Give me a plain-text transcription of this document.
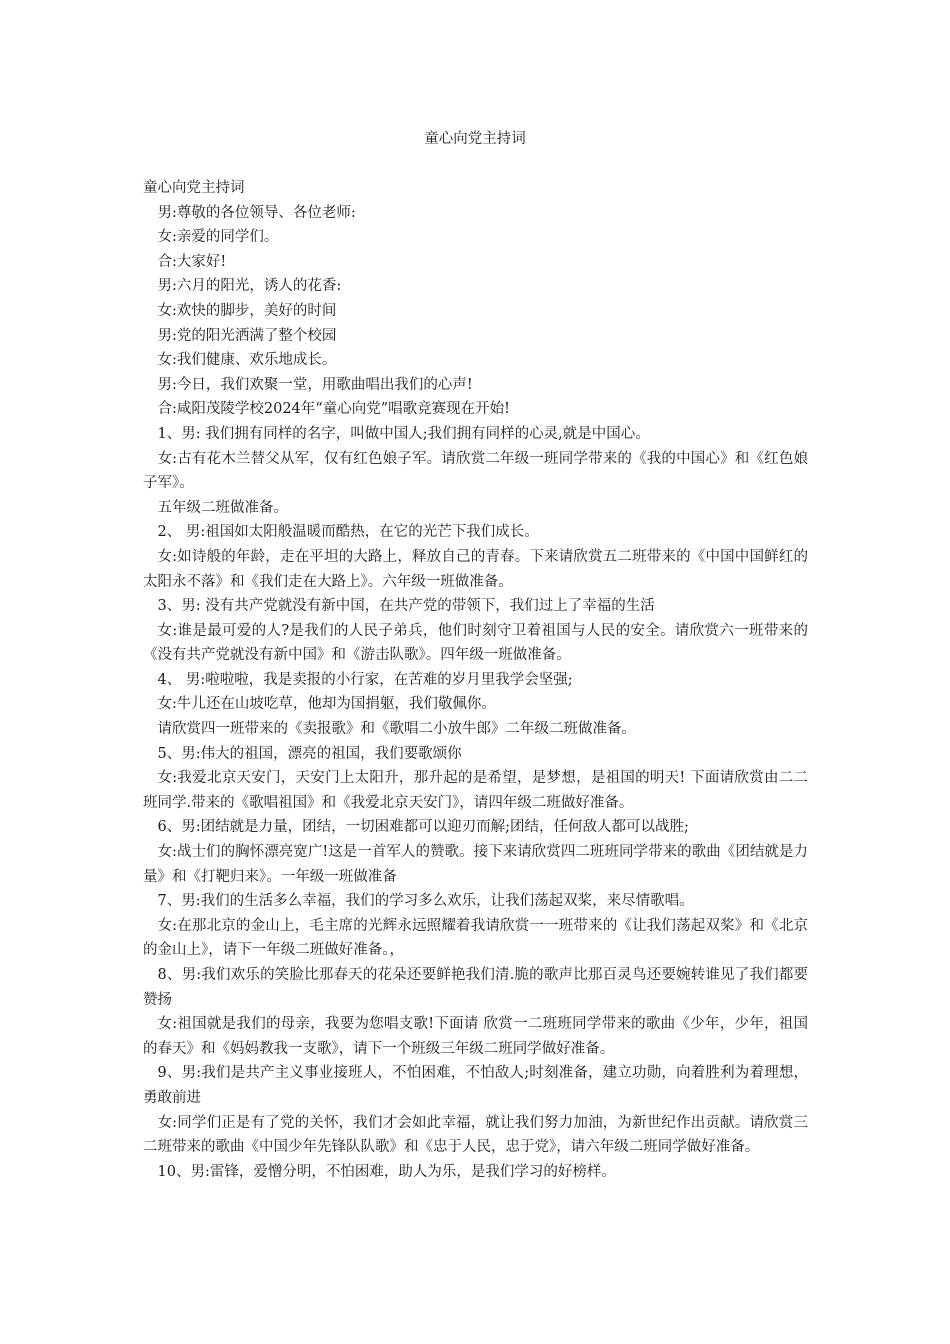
童心向党主持词

童心向党主持词

男:尊敬的各位领导、各位老师:

女:亲爱的同学们。

合:大家好!

男:六月的阳光，诱人的花香:

女:欢快的脚步，美好的时间

男:党的阳光洒满了整个校园

女:我们健康、欢乐地成长。

男:今日，我们欢聚一堂，用歌曲唱出我们的心声!

合:咸阳茂陵学校2024年“童心向党”唱歌竞赛现在开始!

1、男: 我们拥有同样的名字，叫做中国人;我们拥有同样的心灵,就是中国心。

女:古有花木兰替父从军，仅有红色娘子军。请欣赏二年级一班同学带来的《我的中国心》和《红色娘子军》。

五年级二班做准备。

2、 男:祖国如太阳般温暖而酷热，在它的光芒下我们成长。

女:如诗般的年龄，走在平坦的大路上，释放自己的青春。下来请欣赏五二班带来的《中国中国鲜红的太阳永不落》和《我们走在大路上》。六年级一班做准备。

3、男: 没有共产党就没有新中国，在共产党的带领下，我们过上了幸福的生活

女:谁是最可爱的人?是我们的人民子弟兵，他们时刻守卫着祖国与人民的安全。请欣赏六一班带来的《没有共产党就没有新中国》和《游击队歌》。四年级一班做准备。

4、 男:啦啦啦，我是卖报的小行家，在苦难的岁月里我学会坚强;

女:牛儿还在山坡吃草，他却为国捐躯，我们敬佩你。

请欣赏四一班带来的《卖报歌》和《歌唱二小放牛郎》二年级二班做准备。

5、男:伟大的祖国，漂亮的祖国，我们要歌颂你

女:我爱北京天安门，天安门上太阳升，那升起的是希望，是梦想，是祖国的明天! 下面请欣赏由二二班同学.带来的《歌唱祖国》和《我爱北京天安门》，请四年级二班做好准备。

6、男:团结就是力量，团结，一切困难都可以迎刃而解;团结，任何敌人都可以战胜;

女:战士们的胸怀漂亮宽广!这是一首军人的赞歌。接下来请欣赏四二班班同学带来的歌曲《团结就是力量》和《打靶归来》。一年级一班做准备

7、男:我们的生活多么幸福，我们的学习多么欢乐，让我们荡起双桨，来尽情歌唱。

女:在那北京的金山上，毛主席的光辉永远照耀着我请欣赏一一班带来的《让我们荡起双桨》和《北京的金山上》，请下一年级二班做好准备。，

8、男:我们欢乐的笑脸比那春天的花朵还要鲜艳我们清.脆的歌声比那百灵鸟还要婉转谁见了我们都要赞扬

女:祖国就是我们的母亲，我要为您唱支歌!下面请 欣赏一二班班同学带来的歌曲《少年，少年，祖国的春天》和《妈妈教我一支歌》，请下一个班级三年级二班同学做好准备。

9、男:我们是共产主义事业接班人，不怕困难，不怕敌人;时刻准备，建立功勋，向着胜利为着理想，勇敢前进

女:同学们正是有了党的关怀，我们才会如此幸福，就让我们努力加油，为新世纪作出贡献。请欣赏三二班带来的歌曲《中国少年先锋队队歌》和《忠于人民，忠于党》，请六年级二班同学做好准备。

10、男:雷锋，爱憎分明，不怕困难，助人为乐，是我们学习的好榜样。
